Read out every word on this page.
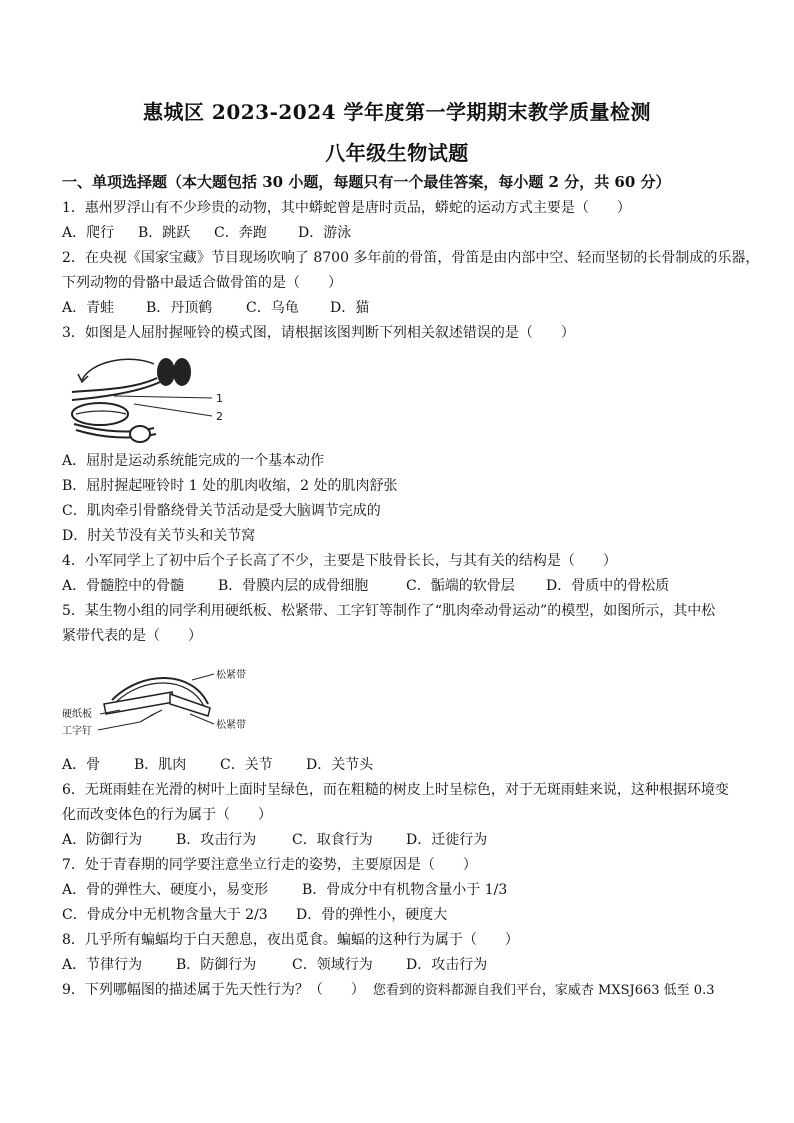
惠城区 2023-2024 学年度第一学期期末教学质量检测
八年级生物试题
一、单项选择题（本大题包括 30 小题，每题只有一个最佳答案，每小题 2 分，共 60 分）
1．惠州罗浮山有不少珍贵的动物，其中蟒蛇曾是唐时贡品，蟒蛇的运动方式主要是（　　）
A．爬行 B．跳跃 C．奔跑 D．游泳
2．在央视《国家宝藏》节目现场吹响了 8700 多年前的骨笛，骨笛是由内部中空、轻而坚韧的长骨制成的乐器，
下列动物的骨骼中最适合做骨笛的是（　　）
A．青蛙 B．丹顶鹤 C．乌龟 D．猫
3．如图是人屈肘握哑铃的模式图，请根据该图判断下列相关叙述错误的是（　　）
1
2
A．屈肘是运动系统能完成的一个基本动作
B．屈肘握起哑铃时 1 处的肌肉收缩，2 处的肌肉舒张
C．肌肉牵引骨骼绕骨关节活动是受大脑调节完成的
D．肘关节没有关节头和关节窝
4．小军同学上了初中后个子长高了不少，主要是下肢骨长长，与其有关的结构是（　　）
A．骨髓腔中的骨髓 B．骨膜内层的成骨细胞	C．骺端的软骨层 D．骨质中的骨松质
5．某生物小组的同学利用硬纸板、松紧带、工字钉等制作了“肌肉牵动骨运动”的模型，如图所示，其中松
紧带代表的是（　　）
松紧带
松紧带
硬纸板
工字钉
A．骨 B．肌肉 C．关节 D．关节头
6．无斑雨蛙在光滑的树叶上面时呈绿色，而在粗糙的树皮上时呈棕色，对于无斑雨蛙来说，这种根据环境变
化而改变体色的行为属于（　　）
A．防御行为 B．攻击行为	C．取食行为 D．迁徙行为
7．处于青春期的同学要注意坐立行走的姿势，主要原因是（　　）
A．骨的弹性大、硬度小，易变形 B．骨成分中有机物含量小于 1/3
C．骨成分中无机物含量大于 2/3 D．骨的弹性小，硬度大
8．几乎所有蝙蝠均于白天憩息，夜出觅食。蝙蝠的这种行为属于（　　）
A．节律行为 B．防御行为	C．领域行为 D．攻击行为
9．下列哪幅图的描述属于先天性行为？（　　） 您看到的资料都源自我们平台，家威杏 MXSJ663 低至 0.3
